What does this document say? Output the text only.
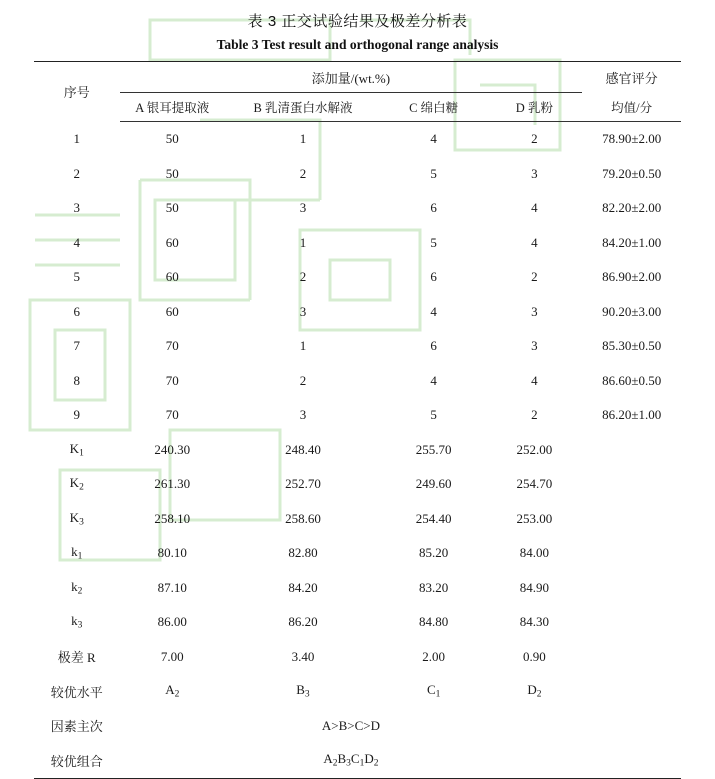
表 3 正交试验结果及极差分析表
Table 3 Test result and orthogonal range analysis
序号	添加量/(wt.%)				感官评分
	A 银耳提取液	B 乳清蛋白水解液	C 绵白糖	D 乳粉	均值/分
1	50	1	4	2	78.90±2.00
2	50	2	5	3	79.20±0.50
3	50	3	6	4	82.20±2.00
4	60	1	5	4	84.20±1.00
5	60	2	6	2	86.90±2.00
6	60	3	4	3	90.20±3.00
7	70	1	6	3	85.30±0.50
8	70	2	4	4	86.60±0.50
9	70	3	5	2	86.20±1.00
$K_1$	240.30	248.40	255.70	252.00	
$K_2$	261.30	252.70	249.60	254.70	
$K_3$	258.10	258.60	254.40	253.00	
$k_1$	80.10	82.80	85.20	84.00	
$k_2$	87.10	84.20	83.20	84.90	
$k_3$	86.00	86.20	84.80	84.30	
极差 R	7.00	3.40	2.00	0.90	
较优水平	$A_2$	$B_3$	$C_1$	$D_2$	
因素主次	A>B>C>D				
较优组合	$A_2B_3C_1D_2$	
